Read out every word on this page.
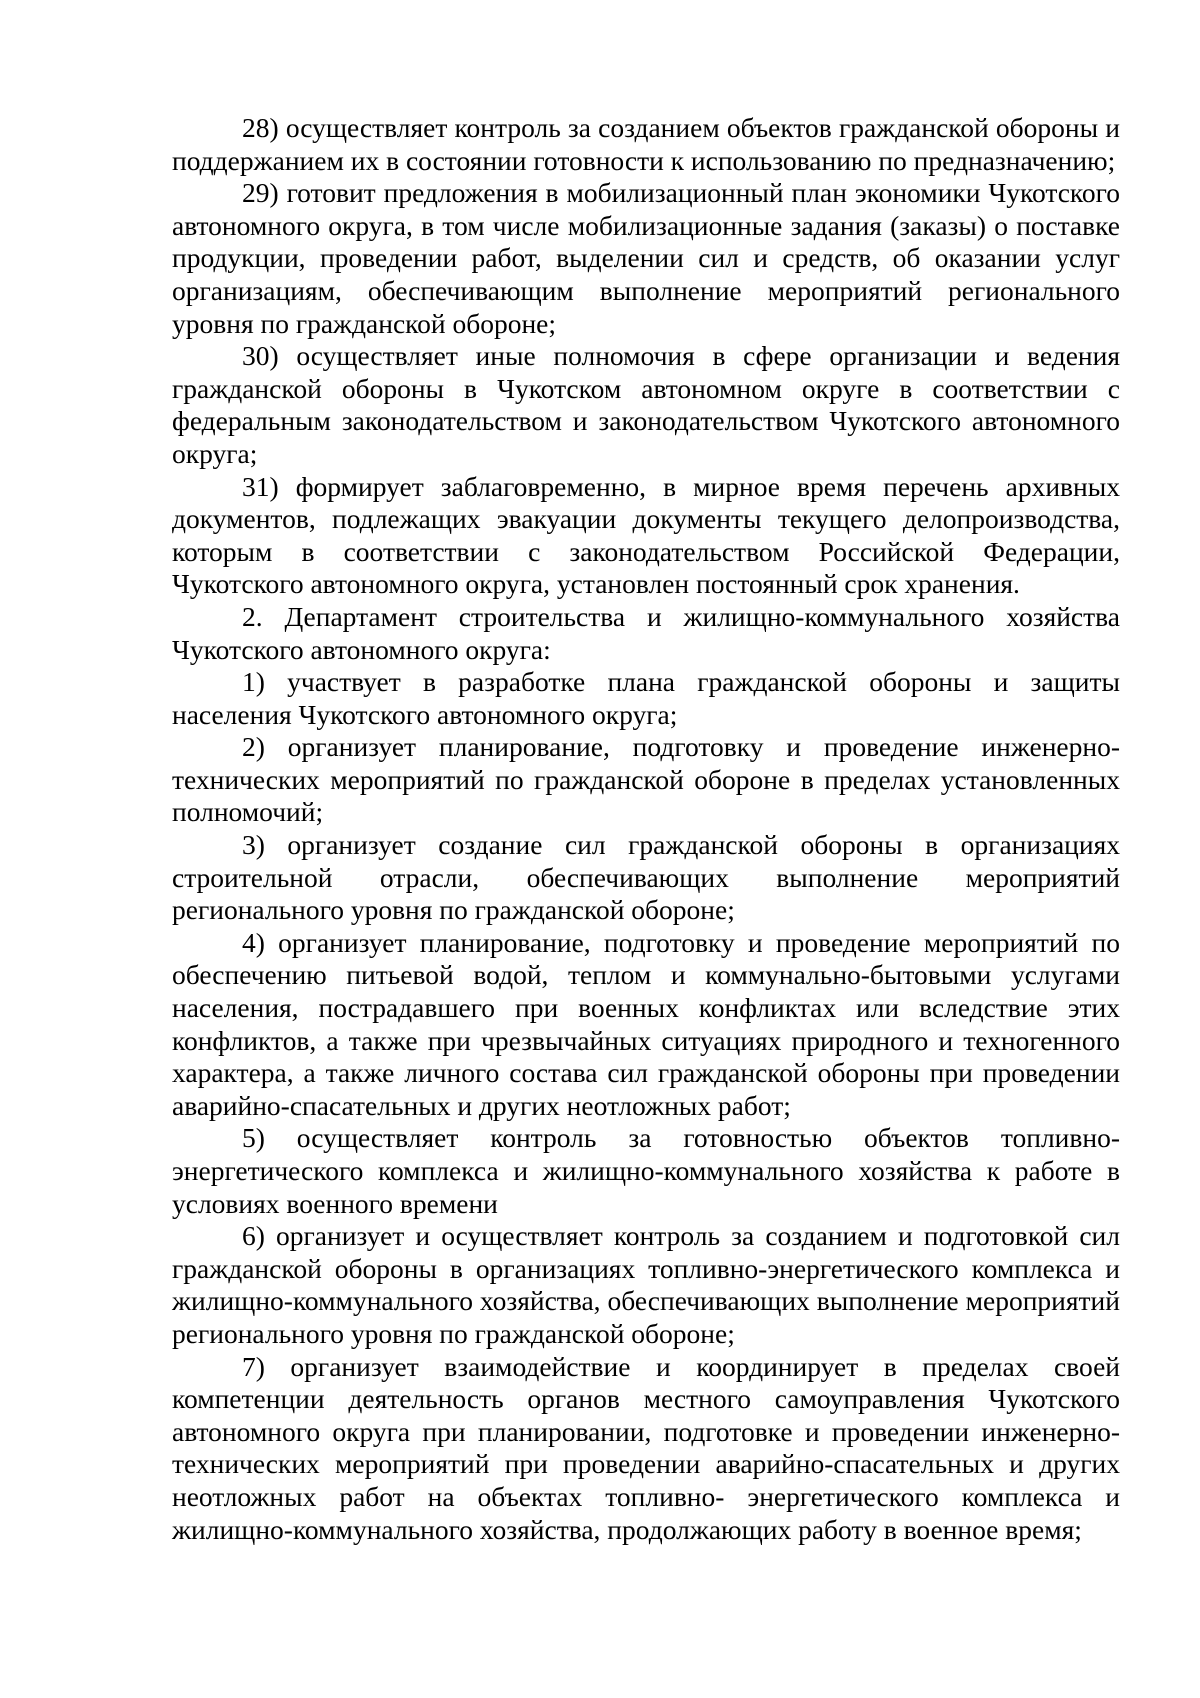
28) осуществляет контроль за созданием объектов гражданской обороны и поддержанием их в состоянии готовности к использованию по предназначению;

29) готовит предложения в мобилизационный план экономики Чукотского автономного округа, в том числе мобилизационные задания (заказы) о поставке продукции, проведении работ, выделении сил и средств, об оказании услуг организациям, обеспечивающим выполнение мероприятий регионального уровня по гражданской обороне;

30) осуществляет иные полномочия в сфере организации и ведения гражданской обороны в Чукотском автономном округе в соответствии с федеральным законодательством и законодательством Чукотского автономного округа;

31) формирует заблаговременно, в мирное время перечень архивных документов, подлежащих эвакуации документы текущего делопроизводства, которым в соответствии с законодательством Российской Федерации, Чукотского автономного округа, установлен постоянный срок хранения.

2. Департамент строительства и жилищно-коммунального хозяйства Чукотского автономного округа:

1) участвует в разработке плана гражданской обороны и защиты населения Чукотского автономного округа;

2) организует планирование, подготовку и проведение инженерно-технических мероприятий по гражданской обороне в пределах установленных полномочий;

3) организует создание сил гражданской обороны в организациях строительной отрасли, обеспечивающих выполнение мероприятий регионального уровня по гражданской обороне;

4) организует планирование, подготовку и проведение мероприятий по обеспечению питьевой водой, теплом и коммунально-бытовыми услугами населения, пострадавшего при военных конфликтах или вследствие этих конфликтов, а также при чрезвычайных ситуациях природного и техногенного характера, а также личного состава сил гражданской обороны при проведении аварийно-спасательных и других неотложных работ;

5) осуществляет контроль за готовностью объектов топливно-энергетического комплекса и жилищно-коммунального хозяйства к работе в условиях военного времени

6) организует и осуществляет контроль за созданием и подготовкой сил гражданской обороны в организациях топливно-энергетического комплекса и жилищно-коммунального хозяйства, обеспечивающих выполнение мероприятий регионального уровня по гражданской обороне;

7) организует взаимодействие и координирует в пределах своей компетенции деятельность органов местного самоуправления Чукотского автономного округа при планировании, подготовке и проведении инженерно-технических мероприятий при проведении аварийно-спасательных и других неотложных работ на объектах топливно- энергетического комплекса и жилищно-коммунального хозяйства, продолжающих работу в военное время;
